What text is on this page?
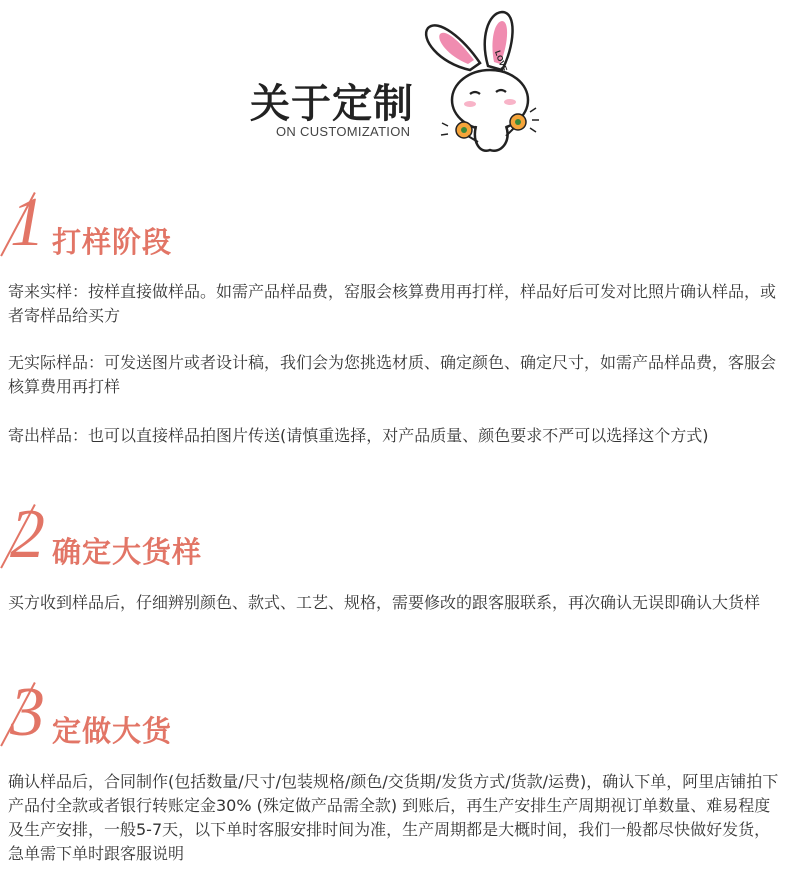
关于定制
ON CUSTOMIZATION
LOVE
1 打样阶段
寄来实样：按样直接做样品。如需产品样品费，窑服会核算费用再打样，样品好后可发对比照片确认样品，或者寄样品给买方
无实际样品：可发送图片或者设计稿，我们会为您挑选材质、确定颜色、确定尺寸，如需产品样品费，客服会核算费用再打样
寄出样品：也可以直接样品拍图片传送(请慎重选择，对产品质量、颜色要求不严可以选择这个方式)
2 确定大货样
买方收到样品后，仔细辨别颜色、款式、工艺、规格，需要修改的跟客服联系，再次确认无误即确认大货样
3 定做大货
确认样品后，合同制作(包括数量/尺寸/包装规格/颜色/交货期/发货方式/货款/运费)，确认下单，阿里店铺拍下产品付全款或者银行转账定金30% (殊定做产品需全款) 到账后，再生产安排生产周期视订单数量、难易程度及生产安排，一般5-7天，以下单时客服安排时间为准，生产周期都是大概时间，我们一般都尽快做好发货，急单需下单时跟客服说明
